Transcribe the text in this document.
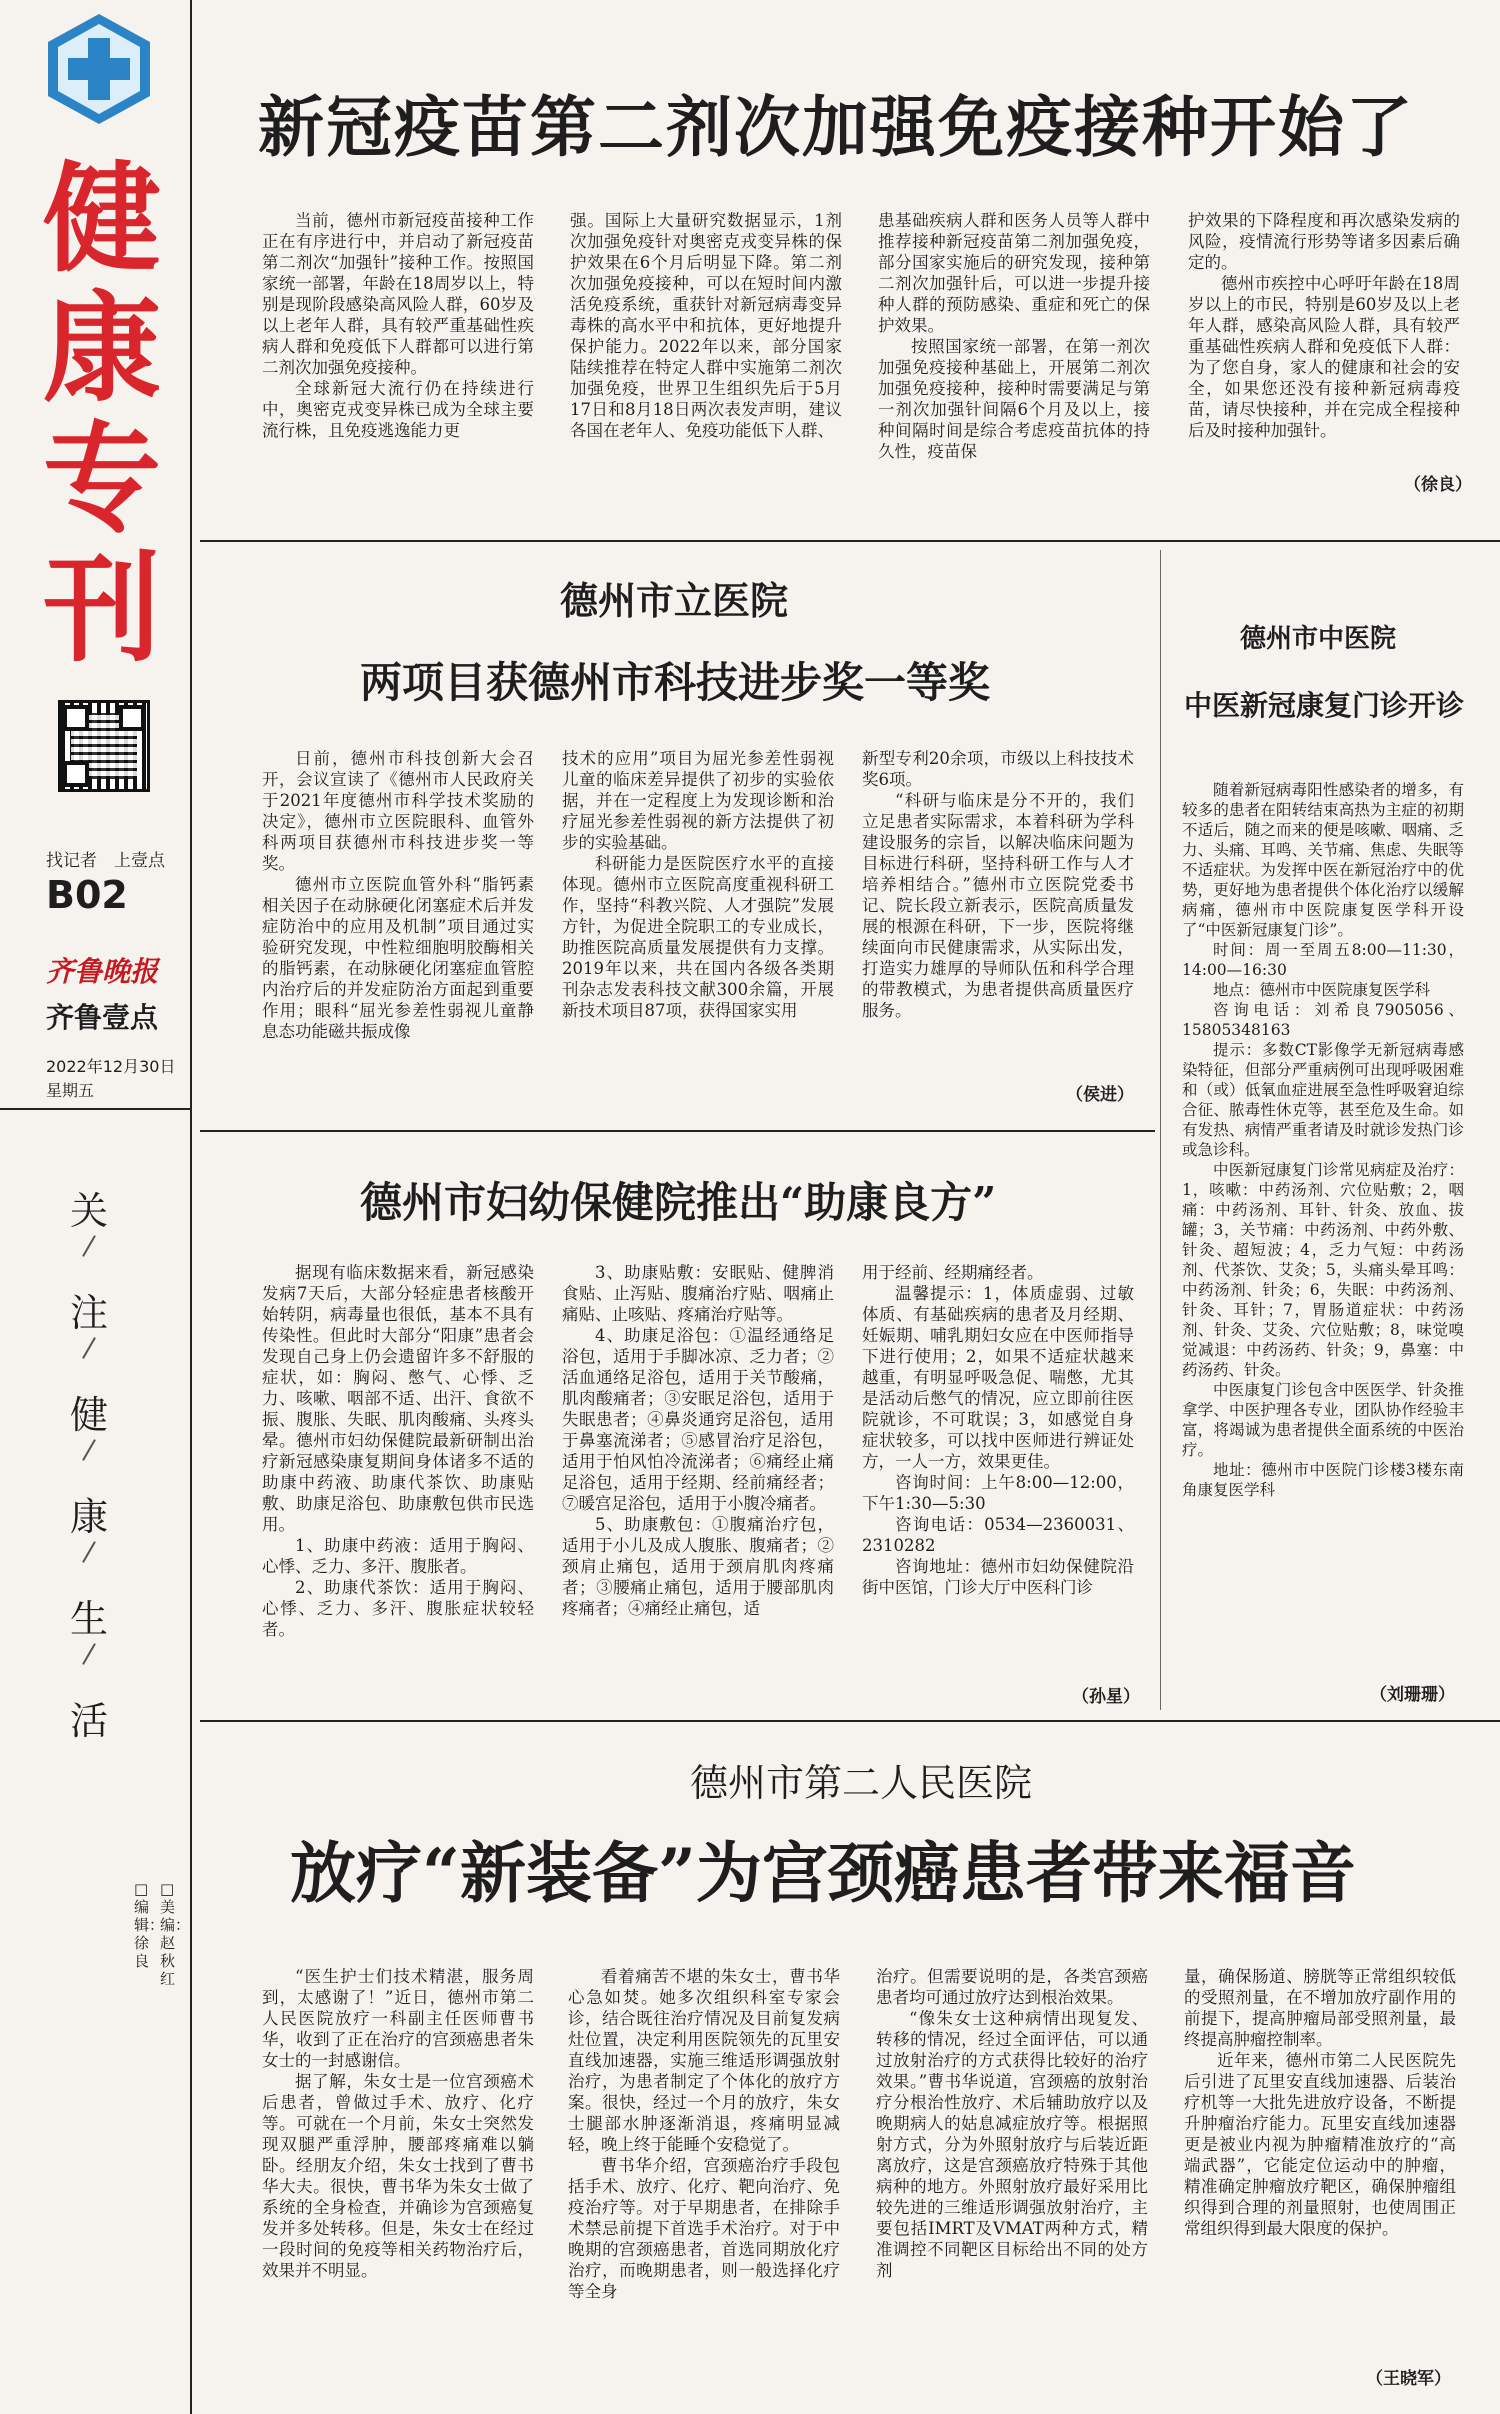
健
康
专
刊
找记者　上壹点
B02
齐鲁晚报
齐鲁壹点
2022年12月30日
星期五
关
注
健
康
生
活
□美编：赵秋红
□编辑：徐良
新冠疫苗第二剂次加强免疫接种开始了

当前，德州市新冠疫苗接种工作正在有序进行中，并启动了新冠疫苗第二剂次“加强针”接种工作。按照国家统一部署，年龄在18周岁以上，特别是现阶段感染高风险人群，60岁及以上老年人群，具有较严重基础性疾病人群和免疫低下人群都可以进行第二剂次加强免疫接种。

全球新冠大流行仍在持续进行中，奥密克戎变异株已成为全球主要流行株，且免疫逃逸能力更

强。国际上大量研究数据显示，1剂次加强免疫针对奥密克戎变异株的保护效果在6个月后明显下降。第二剂次加强免疫接种，可以在短时间内激活免疫系统，重获针对新冠病毒变异毒株的高水平中和抗体，更好地提升保护能力。2022年以来，部分国家陆续推荐在特定人群中实施第二剂次加强免疫，世界卫生组织先后于5月17日和8月18日两次表发声明，建议各国在老年人、免疫功能低下人群、

患基础疾病人群和医务人员等人群中推荐接种新冠疫苗第二剂加强免疫，部分国家实施后的研究发现，接种第二剂次加强针后，可以进一步提升接种人群的预防感染、重症和死亡的保护效果。

按照国家统一部署，在第一剂次加强免疫接种基础上，开展第二剂次加强免疫接种，接种时需要满足与第一剂次加强针间隔6个月及以上，接种间隔时间是综合考虑疫苗抗体的持久性，疫苗保

护效果的下降程度和再次感染发病的风险，疫情流行形势等诸多因素后确定的。

德州市疾控中心呼吁年龄在18周岁以上的市民，特别是60岁及以上老年人群，感染高风险人群，具有较严重基础性疾病人群和免疫低下人群：为了您自身，家人的健康和社会的安全，如果您还没有接种新冠病毒疫苗，请尽快接种，并在完成全程接种后及时接种加强针。

（徐良）
德州市立医院
两项目获德州市科技进步奖一等奖

日前，德州市科技创新大会召开，会议宣读了《德州市人民政府关于2021年度德州市科学技术奖励的决定》，德州市立医院眼科、血管外科两项目获德州市科技进步奖一等奖。

德州市立医院血管外科“脂钙素相关因子在动脉硬化闭塞症术后并发症防治中的应用及机制”项目通过实验研究发现，中性粒细胞明胶酶相关的脂钙素，在动脉硬化闭塞症血管腔内治疗后的并发症防治方面起到重要作用；眼科“屈光参差性弱视儿童静息态功能磁共振成像

技术的应用”项目为屈光参差性弱视儿童的临床差异提供了初步的实验依据，并在一定程度上为发现诊断和治疗屈光参差性弱视的新方法提供了初步的实验基础。

科研能力是医院医疗水平的直接体现。德州市立医院高度重视科研工作，坚持“科教兴院、人才强院”发展方针，为促进全院职工的专业成长，助推医院高质量发展提供有力支撑。2019年以来，共在国内各级各类期刊杂志发表科技文献300余篇，开展新技术项目87项，获得国家实用

新型专利20余项，市级以上科技技术奖6项。

“科研与临床是分不开的，我们立足患者实际需求，本着科研为学科建设服务的宗旨，以解决临床问题为目标进行科研，坚持科研工作与人才培养相结合。”德州市立医院党委书记、院长段立新表示，医院高质量发展的根源在科研，下一步，医院将继续面向市民健康需求，从实际出发，打造实力雄厚的导师队伍和科学合理的带教模式，为患者提供高质量医疗服务。

（侯进）
德州市中医院
中医新冠康复门诊开诊

随着新冠病毒阳性感染者的增多，有较多的患者在阳转结束高热为主症的初期不适后，随之而来的便是咳嗽、咽痛、乏力、头痛、耳鸣、关节痛、焦虑、失眠等不适症状。为发挥中医在新冠治疗中的优势，更好地为患者提供个体化治疗以缓解病痛，德州市中医院康复医学科开设了“中医新冠康复门诊”。

时间：周一至周五8:00—11:30，14:00—16:30

地点：德州市中医院康复医学科

咨询电话：刘希良7905056、15805348163

提示：多数CT影像学无新冠病毒感染特征，但部分严重病例可出现呼吸困难和（或）低氧血症进展至急性呼吸窘迫综合征、脓毒性休克等，甚至危及生命。如有发热、病情严重者请及时就诊发热门诊或急诊科。

中医新冠康复门诊常见病症及治疗：1，咳嗽：中药汤剂、穴位贴敷；2，咽痛：中药汤剂、耳针、针灸、放血、拔罐；3，关节痛：中药汤剂、中药外敷、针灸、超短波；4，乏力气短：中药汤剂、代茶饮、艾灸；5，头痛头晕耳鸣：中药汤剂、针灸；6，失眠：中药汤剂、针灸、耳针；7，胃肠道症状：中药汤剂、针灸、艾灸、穴位贴敷；8，味觉嗅觉减退：中药汤药、针灸；9，鼻塞：中药汤药、针灸。

中医康复门诊包含中医医学、针灸推拿学、中医护理各专业，团队协作经验丰富，将竭诚为患者提供全面系统的中医治疗。

地址：德州市中医院门诊楼3楼东南角康复医学科

（刘珊珊）
德州市妇幼保健院推出“助康良方”

据现有临床数据来看，新冠感染发病7天后，大部分轻症患者核酸开始转阴，病毒量也很低，基本不具有传染性。但此时大部分“阳康”患者会发现自己身上仍会遗留许多不舒服的症状，如：胸闷、憋气、心悸、乏力、咳嗽、咽部不适、出汗、食欲不振、腹胀、失眠、肌肉酸痛、头疼头晕。德州市妇幼保健院最新研制出治疗新冠感染康复期间身体诸多不适的助康中药液、助康代茶饮、助康贴敷、助康足浴包、助康敷包供市民选用。

1、助康中药液：适用于胸闷、心悸、乏力、多汗、腹胀者。

2、助康代茶饮：适用于胸闷、心悸、乏力、多汗、腹胀症状较轻者。

3、助康贴敷：安眠贴、健脾消食贴、止泻贴、腹痛治疗贴、咽痛止痛贴、止咳贴、疼痛治疗贴等。

4、助康足浴包：①温经通络足浴包，适用于手脚冰凉、乏力者；②活血通络足浴包，适用于关节酸痛，肌肉酸痛者；③安眠足浴包，适用于失眠患者；④鼻炎通窍足浴包，适用于鼻塞流涕者；⑤感冒治疗足浴包，适用于怕风怕冷流涕者；⑥痛经止痛足浴包，适用于经期、经前痛经者；⑦暖宫足浴包，适用于小腹冷痛者。

5、助康敷包：①腹痛治疗包，适用于小儿及成人腹胀、腹痛者；②颈肩止痛包，适用于颈肩肌肉疼痛者；③腰痛止痛包，适用于腰部肌肉疼痛者；④痛经止痛包，适

用于经前、经期痛经者。

温馨提示：1，体质虚弱、过敏体质、有基础疾病的患者及月经期、妊娠期、哺乳期妇女应在中医师指导下进行使用；2，如果不适症状越来越重，有明显呼吸急促、喘憋，尤其是活动后憋气的情况，应立即前往医院就诊，不可耽误；3，如感觉自身症状较多，可以找中医师进行辨证处方，一人一方，效果更佳。

咨询时间：上午8:00—12:00，下午1:30—5:30

咨询电话：0534—2360031、2310282

咨询地址：德州市妇幼保健院沿街中医馆，门诊大厅中医科门诊

（孙星）
德州市第二人民医院
放疗“新装备”为宫颈癌患者带来福音

“医生护士们技术精湛，服务周到，太感谢了！”近日，德州市第二人民医院放疗一科副主任医师曹书华，收到了正在治疗的宫颈癌患者朱女士的一封感谢信。

据了解，朱女士是一位宫颈癌术后患者，曾做过手术、放疗、化疗等。可就在一个月前，朱女士突然发现双腿严重浮肿，腰部疼痛难以躺卧。经朋友介绍，朱女士找到了曹书华大夫。很快，曹书华为朱女士做了系统的全身检查，并确诊为宫颈癌复发并多处转移。但是，朱女士在经过一段时间的免疫等相关药物治疗后，效果并不明显。

看着痛苦不堪的朱女士，曹书华心急如焚。她多次组织科室专家会诊，结合既往治疗情况及目前复发病灶位置，决定利用医院领先的瓦里安直线加速器，实施三维适形调强放射治疗，为患者制定了个体化的放疗方案。很快，经过一个月的放疗，朱女士腿部水肿逐渐消退，疼痛明显减轻，晚上终于能睡个安稳觉了。

曹书华介绍，宫颈癌治疗手段包括手术、放疗、化疗、靶向治疗、免疫治疗等。对于早期患者，在排除手术禁忌前提下首选手术治疗。对于中晚期的宫颈癌患者，首选同期放化疗治疗，而晚期患者，则一般选择化疗等全身

治疗。但需要说明的是，各类宫颈癌患者均可通过放疗达到根治效果。

“像朱女士这种病情出现复发、转移的情况，经过全面评估，可以通过放射治疗的方式获得比较好的治疗效果。”曹书华说道，宫颈癌的放射治疗分根治性放疗、术后辅助放疗以及晚期病人的姑息减症放疗等。根据照射方式，分为外照射放疗与后装近距离放疗，这是宫颈癌放疗特殊于其他病种的地方。外照射放疗最好采用比较先进的三维适形调强放射治疗，主要包括IMRT及VMAT两种方式，精准调控不同靶区目标给出不同的处方剂

量，确保肠道、膀胱等正常组织较低的受照剂量，在不增加放疗副作用的前提下，提高肿瘤局部受照剂量，最终提高肿瘤控制率。

近年来，德州市第二人民医院先后引进了瓦里安直线加速器、后装治疗机等一大批先进放疗设备，不断提升肿瘤治疗能力。瓦里安直线加速器更是被业内视为肿瘤精准放疗的“高端武器”，它能定位运动中的肿瘤，精准确定肿瘤放疗靶区，确保肿瘤组织得到合理的剂量照射，也使周围正常组织得到最大限度的保护。

（王晓军）
